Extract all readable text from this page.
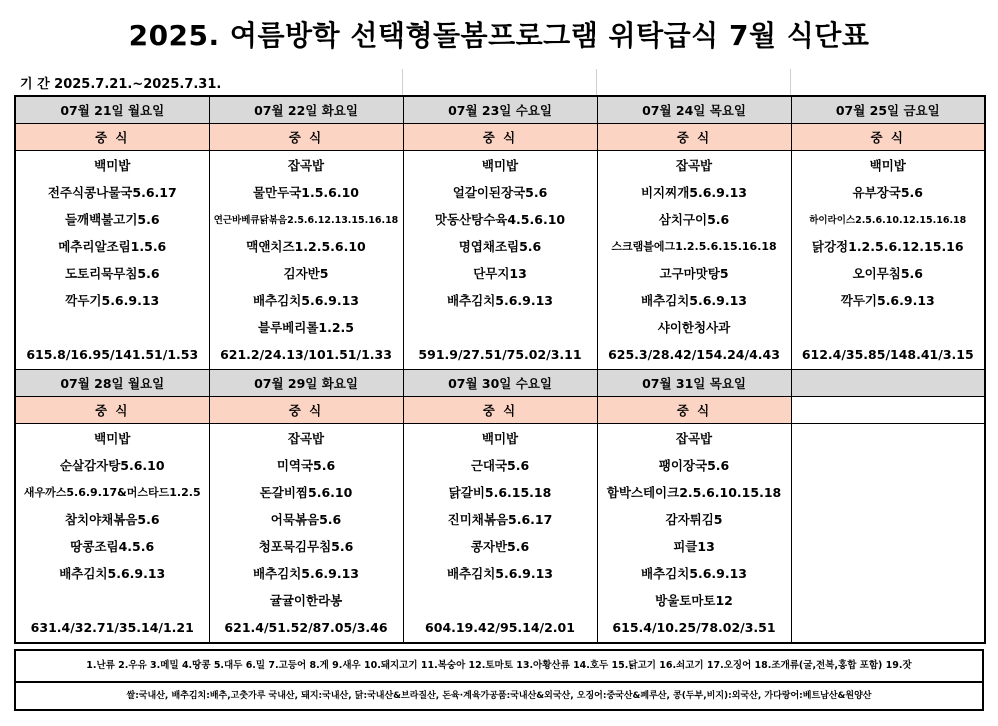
2025. 여름방학 선택형돌봄프로그램 위탁급식 7월 식단표
기 간 2025.7.21.~2025.7.31.
07월 21일 월요일	07월 22일 화요일	07월 23일 수요일	07월 24일 목요일	07월 25일 금요일
중 식	중 식	중 식	중 식	중 식
백미밥	잡곡밥	백미밥	잡곡밥	백미밥
전주식콩나물국5.6.17	물만두국1.5.6.10	얼갈이된장국5.6	비지찌개5.6.9.13	유부장국5.6
들깨백불고기5.6	연근바베큐닭볶음2.5.6.12.13.15.16.18	맛동산탕수육4.5.6.10	삼치구이5.6	하이라이스2.5.6.10.12.15.16.18
메추리알조림1.5.6	맥앤치즈1.2.5.6.10	명엽채조림5.6	스크램블에그1.2.5.6.15.16.18	닭강정1.2.5.6.12.15.16
도토리묵무침5.6	김자반5	단무지13	고구마맛탕5	오이무침5.6
깍두기5.6.9.13	배추김치5.6.9.13	배추김치5.6.9.13	배추김치5.6.9.13	깍두기5.6.9.13
	블루베리롤1.2.5		샤이한청사과	
615.8/16.95/141.51/1.53	621.2/24.13/101.51/1.33	591.9/27.51/75.02/3.11	625.3/28.42/154.24/4.43	612.4/35.85/148.41/3.15
07월 28일 월요일	07월 29일 화요일	07월 30일 수요일	07월 31일 목요일	
중 식	중 식	중 식	중 식	
백미밥	잡곡밥	백미밥	잡곡밥	
순살감자탕5.6.10	미역국5.6	근대국5.6	팽이장국5.6	
새우까스5.6.9.17&머스타드1.2.5	돈갈비찜5.6.10	닭갈비5.6.15.18	함박스테이크2.5.6.10.15.18	
참치야채볶음5.6	어묵볶음5.6	진미채볶음5.6.17	감자튀김5	
땅콩조림4.5.6	청포묵김무침5.6	콩자반5.6	피클13	
배추김치5.6.9.13	배추김치5.6.9.13	배추김치5.6.9.13	배추김치5.6.9.13	
	귤귤이한라봉		방울토마토12	
631.4/32.71/35.14/1.21	621.4/51.52/87.05/3.46	604.19.42/95.14/2.01	615.4/10.25/78.02/3.51	
1.난류 2.우유 3.메밀 4.땅콩 5.대두 6.밀 7.고등어 8.게 9.새우 10.돼지고기 11.복숭아 12.토마토 13.아황산류 14.호두 15.닭고기 16.쇠고기 17.오징어 18.조개류(굴,전복,홍합 포함) 19.잣
쌀:국내산, 배추김치:배추,고춧가루 국내산, 돼지:국내산, 닭:국내산&브라질산, 돈육·계육가공품:국내산&외국산, 오징어:중국산&페루산, 콩(두부,비지):외국산, 가다랑어:베트남산&원양산
